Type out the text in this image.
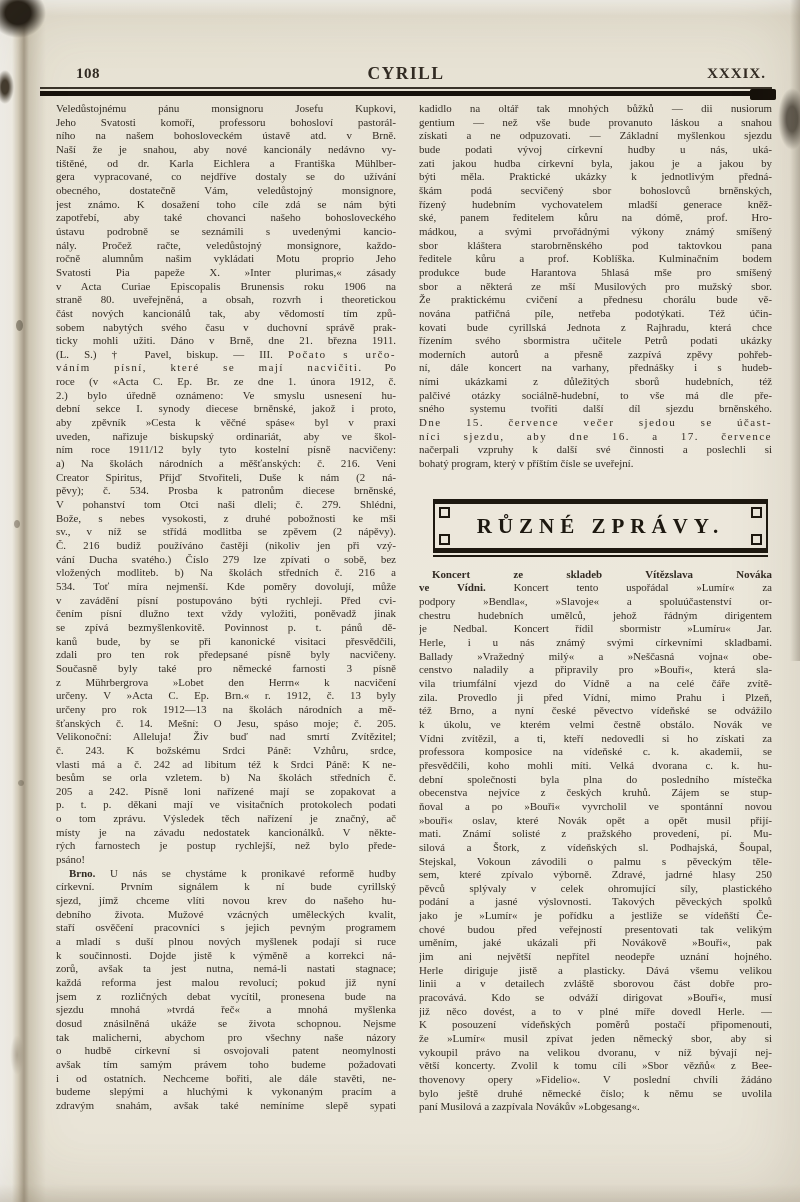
108	CYRILL	XXXIX.
Veledůstojnému pánu monsignoru Josefu Kupkovi,
Jeho Svatosti komoří, professoru bohosloví pastorál-
ního na našem bohosloveckém ústavě atd. v Brně.
Naší že je snahou, aby nové kancionály nedávno vy-
tištěné, od dr. Karla Eichlera a Františka Mühlber-
gera vypracované, co nejdříve dostaly se do užívání
obecného, dostatečně Vám, veledůstojný monsignore,
jest známo. K dosažení toho cíle zdá se nám býti
zapotřebí, aby také chovanci našeho bohosloveckého
ústavu podrobně se seznámili s uvedenými kancio-
nály. Pročež račte, veledůstojný monsignore, každo-
ročně alumnům našim vykládati Motu proprio Jeho
Svatosti Pia papeže X. »Inter plurimas,« zásady
v Acta Curiae Episcopalis Brunensis roku 1906 na
straně 80. uveřejněná, a obsah, rozvrh i theoretickou
část nových kancionálů tak, aby vědomostí tím způ-
sobem nabytých svého času v duchovní správě prak-
ticky mohli užiti. Dáno v Brně, dne 21. března 1911.
(L. S.) † Pavel, biskup. — III. Počato s určo-
váním písní, které se mají nacvičiti. Po
roce (v «Acta C. Ep. Br. ze dne 1. února 1912, č.
2.) bylo úředně oznámeno: Ve smyslu usnesení hu-
dební sekce I. synody diecese brněnské, jakož i proto,
aby zpěvník »Cesta k věčné spáse« byl v praxi
uveden, nařizuje biskupský ordinariát, aby ve škol-
ním roce 1911/12 byly tyto kostelní písně nacvičeny:
a) Na školách národních a měšťanských: č. 216. Veni
Creator Spiritus, Přijď Stvořiteli, Duše k nám (2 ná-
pěvy); č. 534. Prosba k patronům diecese brněnské,
V pohanství tom Otci naši dleli; č. 279. Shlédni,
Bože, s nebes vysokosti, z druhé pobožnosti ke mši
sv., v níž se střídá modlitba se zpěvem (2 nápěvy).
Č. 216 budiž používáno častěji (nikoliv jen při vzý-
vání Ducha svatého.) Číslo 279 lze zpívati o sobě, bez
vložených modliteb. b) Na školách středních č. 216 a
534. Toť míra nejmenší. Kde poměry dovolují, může
v zavádění písní postupováno býti rychleji. Před cvi-
čením písní dlužno text vždy vyložiti, poněvadž jinak
se zpívá bezmyšlenkovitě. Povinnost p. t. pánů dě-
kanů bude, by se při kanonické visitaci přesvědčili,
zdali pro ten rok předepsané písně byly nacvičeny.
Současně byly také pro německé farnosti 3 písně
z Mührbergrova »Lobet den Herrn« k nacvičení
určeny. V »Acta C. Ep. Brn.« r. 1912, č. 13 byly
určeny pro rok 1912—13 na školách národních a mě-
šťanských č. 14. Mešní: O Jesu, spáso moje; č. 205.
Velikonoční: Alleluja! Živ buď nad smrtí Zvítězitel;
č. 243. K božskému Srdci Páně: Vzhůru, srdce,
vlasti má a č. 242 ad libitum též k Srdci Páně: K ne-
besům se orla vzletem. b) Na školách středních č.
205 a 242. Písně loni nařízené mají se zopakovat a
p. t. p. děkani mají ve visitačních protokolech podati
o tom zprávu. Výsledek těch nařízení je značný, ač
místy je na závadu nedostatek kancionálků. V někte-
rých farnostech je postup rychlejší, než bylo přede-
psáno!
Brno. U nás se chystáme k pronikavé reformě hudby
církevní. Prvním signálem k ní bude cyrillský
sjezd, jímž chceme vlíti novou krev do našeho hu-
debního života. Mužové vzácných uměleckých kvalit,
staří osvěčení pracovníci s jejich pevným programem
a mladí s duší plnou nových myšlenek podají si ruce
k součinnosti. Dojde jistě k výměně a korrekci ná-
zorů, avšak ta jest nutna, nemá-li nastati stagnace;
každá reforma jest malou revolucí; pokud již nyní
jsem z rozličných debat vycítil, pronesena bude na
sjezdu mnohá »tvrdá řeč« a mnohá myšlenka
dosud znásilněná ukáže se života schopnou. Nejsme
tak malicherni, abychom pro všechny naše názory
o hudbě církevní si osvojovali patent neomylnosti
avšak tím samým právem toho budeme požadovati
i od ostatních. Nechceme bořiti, ale dále stavěti, ne-
budeme slepými a hluchými k vykonaným pracím a
zdravým snahám, avšak také nemíníme slepě sypati
kadidlo na oltář tak mnohých bůžků — dii nusiorum
gentium — než vše bude provanuto láskou a snahou
získati a ne odpuzovati. — Základní myšlenkou sjezdu
bude podati vývoj církevní hudby u nás, uká-
zati jakou hudba církevní byla, jakou je a jakou by
býti měla. Praktické ukázky k jednotlivým předná-
škám podá secvičený sbor bohoslovců brněnských,
řízený hudebním vychovatelem mladší generace kněž-
ské, panem ředitelem kůru na dómě, prof. Hro-
mádkou, a svými prvořádnými výkony známý smíšený
sbor kláštera starobrněnského pod taktovkou pana
ředitele kůru a prof. Koblíška. Kulminačním bodem
produkce bude Harantova 5hlasá mše pro smíšený
sbor a některá ze mší Musilových pro mužský sbor.
Že praktickému cvičení a přednesu chorálu bude vě-
nována patřičná píle, netřeba podotýkati. Též účin-
kovati bude cyrillská Jednota z Rajhradu, která chce
řízením svého sbormistra učitele Petrů podati ukázky
moderních autorů a přesně zazpívá zpěvy pohřeb-
ní, dále koncert na varhany, přednášky i s hudeb-
ními ukázkami z důležitých sborů hudebních, též
palčivé otázky sociálně-hudební, to vše má dle pře-
sného systemu tvořiti další díl sjezdu brněnského.
Dne 15. července večer sjedou se účast-
níci sjezdu, aby dne 16. a 17. července
načerpali vzpruhy k další své činnosti a poslechli si
bohatý program, který v příštím čísle se uveřejní.
RŮZNÉ ZPRÁVY.
Koncert ze skladeb Vítězslava Nováka
ve Vídni. Koncert tento uspořádal »Lumír« za
podpory »Bendla«, »Slavoje« a spoluúčastenství or-
chestru hudebních umělců, jehož řádným dirigentem
je Nedbal. Koncert řídil sbormistr »Lumíru« Jar.
Herle, i u nás známý svými církevními skladbami.
Ballady »Vražedný milý« a »Neščasná vojna« obe-
censtvo naladily a připravily pro »Bouři«, která sla-
vila triumfální vjezd do Vídně a na celé čáře zvítě-
zila. Provedlo ji před Vídní, mimo Prahu i Plzeň,
též Brno, a nyní české pěvectvo vídeňské se odvážilo
k úkolu, ve kterém velmi čestně obstálo. Novák ve
Vídni zvítězil, a ti, kteří nedovedli si ho získati za
professora komposice na vídeňské c. k. akademii, se
přesvědčili, koho mohli míti. Velká dvorana c. k. hu-
dební společnosti byla plna do posledního místečka
obecenstva nejvíce z českých kruhů. Zájem se stup-
ňoval a po »Bouři« vyvrcholil ve spontánní novou
»bouři« oslav, které Novák opět a opět musil přijí-
mati. Známí solisté z pražského provedení, pí. Mu-
silová a Štork, z vídeňských sl. Podhajská, Šoupal,
Stejskal, Vokoun závodili o palmu s pěveckým těle-
sem, které zpívalo výborně. Zdravé, jadrné hlasy 250
pěvců splývaly v celek ohromující síly, plastického
podání a jasné výslovnosti. Takových pěveckých spolků
jako je »Lumír« je pořídku a jestliže se vídeňští Če-
chové budou před veřejností presentovati tak velikým
uměním, jaké ukázali při Novákově »Bouři«, pak
jim ani největší nepřítel neodepře uznání hojného.
Herle diriguje jistě a plasticky. Dává všemu velikou
linii a v detailech zvláště sborovou část dobře pro-
pracovává. Kdo se odváží dirigovat »Bouři«, musí
již něco dovést, a to v plné míře dovedl Herle. —
K posouzení vídeňských poměrů postačí připomenouti,
že »Lumír« musil zpívat jeden německý sbor, aby si
vykoupil právo na velikou dvoranu, v níž bývají nej-
větší koncerty. Zvolil k tomu cíli »Sbor vězňů« z Bee-
thovenovy opery »Fidelio«. V poslední chvíli žádáno
bylo ještě druhé německé číslo; k němu se uvolila
paní Musilová a zazpívala Novákův »Lobgesang«.
